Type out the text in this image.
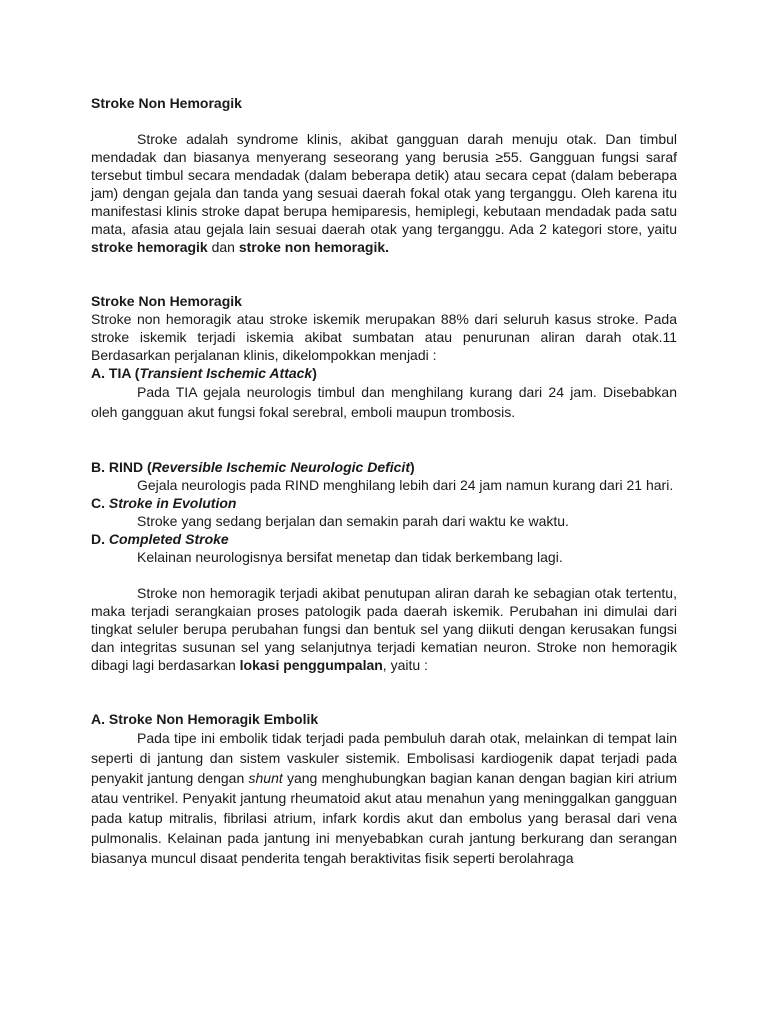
Stroke Non Hemoragik

Stroke adalah syndrome klinis, akibat gangguan darah menuju otak. Dan timbul mendadak dan biasanya menyerang seseorang yang berusia ≥55. Gangguan fungsi saraf tersebut timbul secara mendadak (dalam beberapa detik) atau secara cepat (dalam beberapa jam) dengan gejala dan tanda yang sesuai daerah fokal otak yang terganggu. Oleh karena itu manifestasi klinis stroke dapat berupa hemiparesis, hemiplegi, kebutaan mendadak pada satu mata, afasia atau gejala lain sesuai daerah otak yang terganggu. Ada 2 kategori store, yaitu stroke hemoragik dan stroke non hemoragik.

Stroke Non Hemoragik

Stroke non hemoragik atau stroke iskemik merupakan 88% dari seluruh kasus stroke. Pada stroke iskemik terjadi iskemia akibat sumbatan atau penurunan aliran darah otak.11 Berdasarkan perjalanan klinis, dikelompokkan menjadi :

A. TIA (Transient Ischemic Attack)

Pada TIA gejala neurologis timbul dan menghilang kurang dari 24 jam. Disebabkan oleh gangguan akut fungsi fokal serebral, emboli maupun trombosis.

B. RIND (Reversible Ischemic Neurologic Deficit)

Gejala neurologis pada RIND menghilang lebih dari 24 jam namun kurang dari 21 hari.

C. Stroke in Evolution

Stroke yang sedang berjalan dan semakin parah dari waktu ke waktu.

D. Completed Stroke

Kelainan neurologisnya bersifat menetap dan tidak berkembang lagi.

Stroke non hemoragik terjadi akibat penutupan aliran darah ke sebagian otak tertentu, maka terjadi serangkaian proses patologik pada daerah iskemik. Perubahan ini dimulai dari tingkat seluler berupa perubahan fungsi dan bentuk sel yang diikuti dengan kerusakan fungsi dan integritas susunan sel yang selanjutnya terjadi kematian neuron. Stroke non hemoragik dibagi lagi berdasarkan lokasi penggumpalan, yaitu :

A. Stroke Non Hemoragik Embolik

Pada tipe ini embolik tidak terjadi pada pembuluh darah otak, melainkan di tempat lain seperti di jantung dan sistem vaskuler sistemik. Embolisasi kardiogenik dapat terjadi pada penyakit jantung dengan shunt yang menghubungkan bagian kanan dengan bagian kiri atrium atau ventrikel. Penyakit jantung rheumatoid akut atau menahun yang meninggalkan gangguan pada katup mitralis, fibrilasi atrium, infark kordis akut dan embolus yang berasal dari vena pulmonalis. Kelainan pada jantung ini menyebabkan curah jantung berkurang dan serangan biasanya muncul disaat penderita tengah beraktivitas fisik seperti berolahraga
